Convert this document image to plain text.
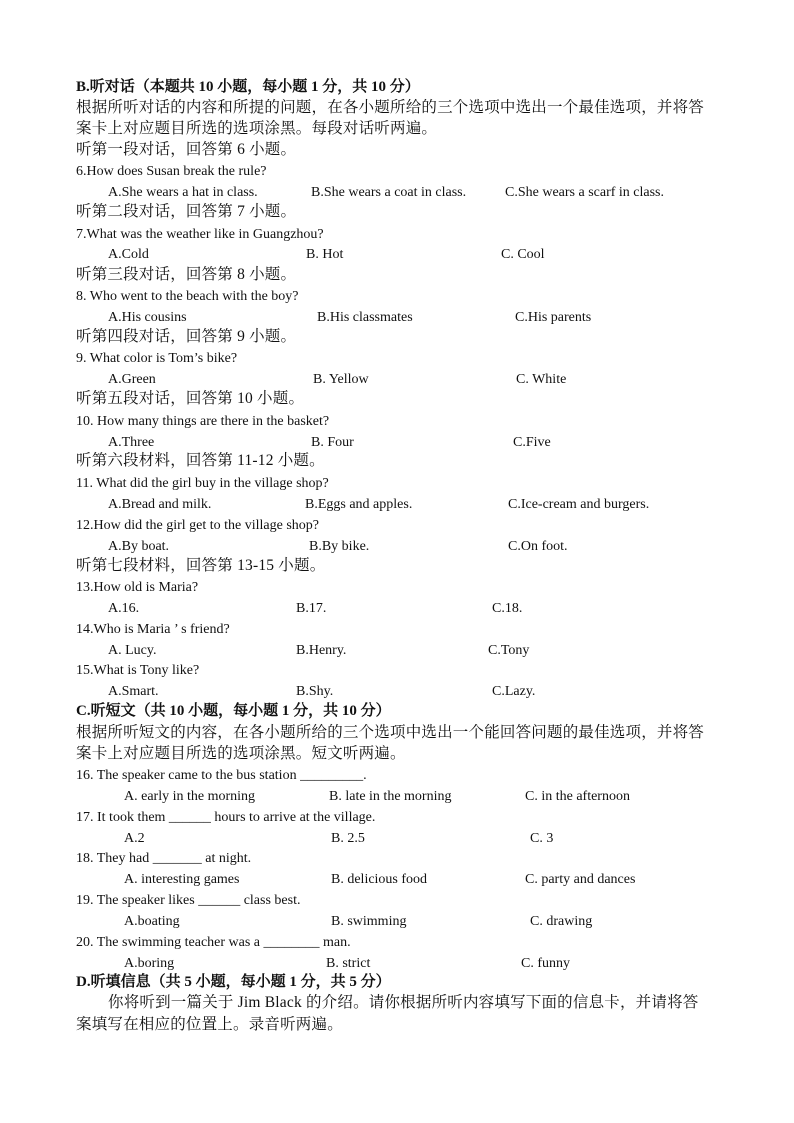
B.听对话（本题共 10 小题，每小题 1 分，共 10 分）
根据所听对话的内容和所提的问题，在各小题所给的三个选项中选出一个最佳选项，并将答
案卡上对应题目所选的选项涂黑。每段对话听两遍。
听第一段对话，回答第 6 小题。
6.How does Susan break the rule?
A.She wears a hat in class.	B.She wears a coat in class.	C.She wears a scarf in class.
听第二段对话，回答第 7 小题。
7.What was the weather like in Guangzhou?
A.Cold	B. Hot	C. Cool
听第三段对话，回答第 8 小题。
8. Who went to the beach with the boy?
A.His cousins	B.His classmates	C.His parents
听第四段对话，回答第 9 小题。
9. What color is Tom’s bike?
A.Green	B. Yellow	C. White
听第五段对话，回答第 10 小题。
10. How many things are there in the basket?
A.Three	B. Four	C.Five
听第六段材料，回答第 11-12 小题。
11. What did the girl buy in the village shop?
A.Bread and milk.	B.Eggs and apples.	C.Ice-cream and burgers.
12.How did the girl get to the village shop?
A.By boat.	B.By bike.	C.On foot.
听第七段材料，回答第 13-15 小题。
13.How old is Maria?
A.16.	B.17.	C.18.
14.Who is Maria ’ s friend?
A. Lucy.	B.Henry.	C.Tony
15.What is Tony like?
A.Smart.	B.Shy.	C.Lazy.
C.听短文（共 10 小题，每小题 1 分，共 10 分）
根据所听短文的内容，在各小题所给的三个选项中选出一个能回答问题的最佳选项，并将答
案卡上对应题目所选的选项涂黑。短文听两遍。
16. The speaker came to the bus station _________.
A. early in the morning	B. late in the morning	C. in the afternoon
17. It took them ______ hours to arrive at the village.
A.2	B. 2.5	C. 3
18. They had _______ at night.
A. interesting games	B. delicious food	C. party and dances
19. The speaker likes ______ class best.
A.boating	B. swimming	C. drawing
20. The swimming teacher was a ________ man.
A.boring	B. strict	C. funny
D.听填信息（共 5 小题，每小题 1 分，共 5 分）
你将听到一篇关于 Jim Black 的介绍。请你根据所听内容填写下面的信息卡，并请将答
案填写在相应的位置上。录音听两遍。
